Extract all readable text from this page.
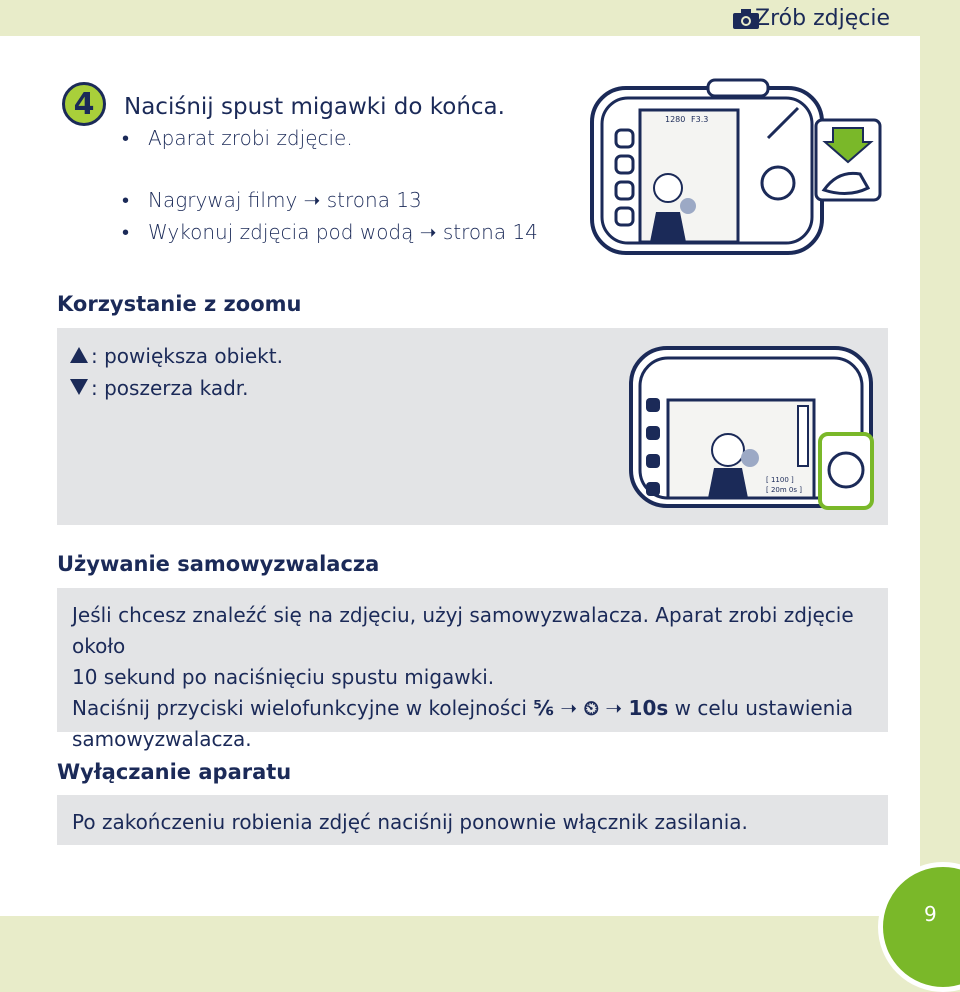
Zrób zdjęcie
4	Naciśnij spust migawki do końca.
• Aparat zrobi zdjęcie.
• Nagrywaj filmy ➝ strona 13
• Wykonuj zdjęcia pod wodą ➝ strona 14
1280 F3.3
Korzystanie z zoomu
: powiększa obiekt.
: poszerza kadr.
[ 1100 ]
[ 20m 0s ]
Używanie samowyzwalacza
Jeśli chcesz znaleźć się na zdjęciu, użyj samowyzwalacza. Aparat zrobi zdjęcie około
10 sekund po naciśnięciu spustu migawki.
Naciśnij przyciski wielofunkcyjne w kolejności ⅚ ➝ ⏲ ➝ 10s w celu ustawienia
samowyzwalacza.
Wyłączanie aparatu
Po zakończeniu robienia zdjęć naciśnij ponownie włącznik zasilania.
9
